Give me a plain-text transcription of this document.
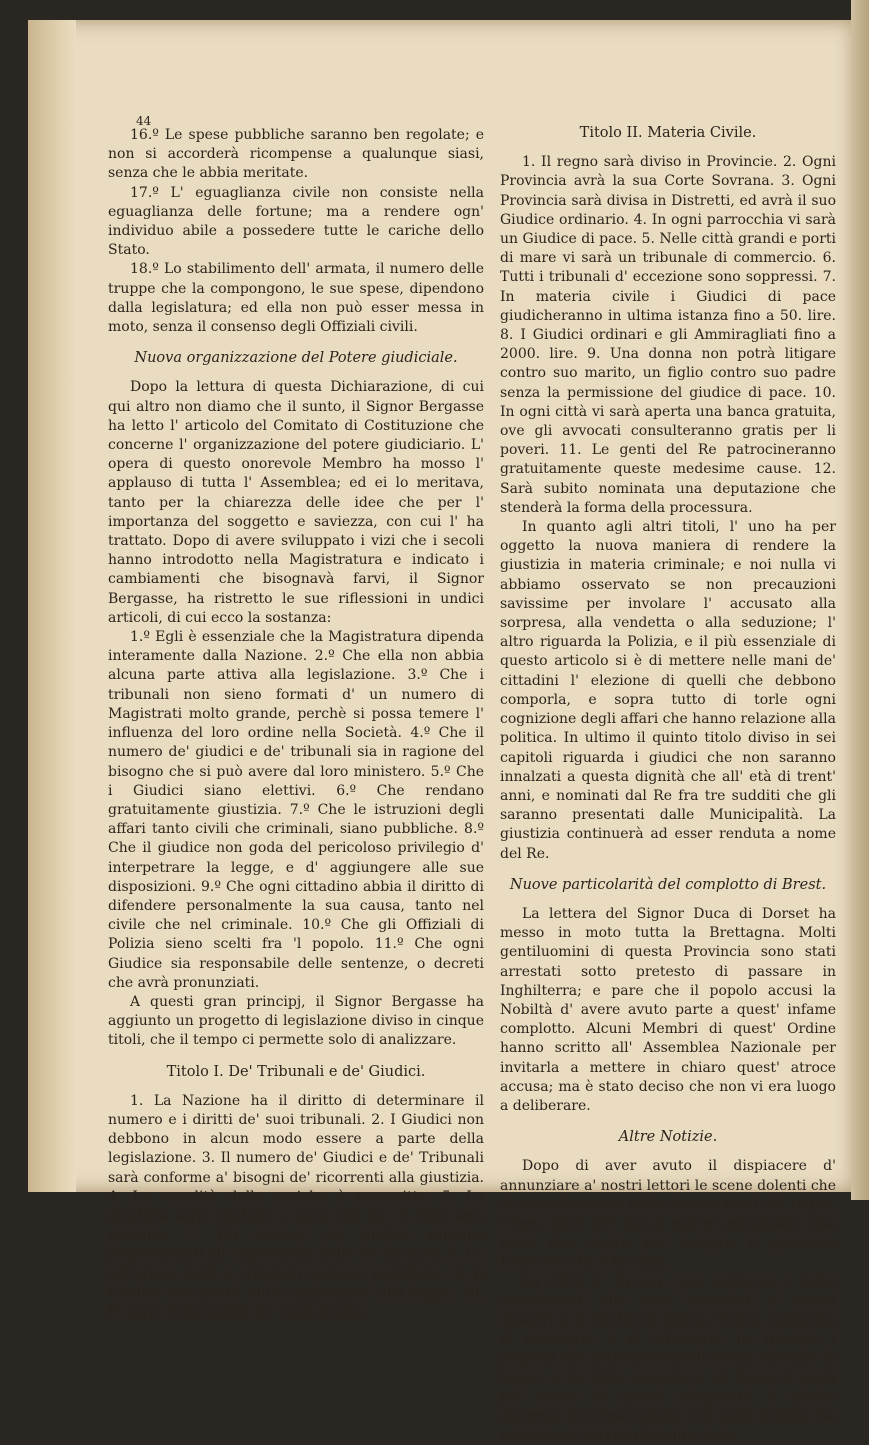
44

16.º Le spese pubbliche saranno ben regolate; e non si accorderà ricompense a qualunque siasi, senza che le abbia meritate.

17.º L' eguaglianza civile non consiste nella eguaglianza delle fortune; ma a rendere ogn' individuo abile a possedere tutte le cariche dello Stato.

18.º Lo stabilimento dell' armata, il numero delle truppe che la compongono, le sue spese, dipendono dalla legislatura; ed ella non può esser messa in moto, senza il consenso degli Offiziali civili.

Nuova organizzazione del Potere giudiciale.

Dopo la lettura di questa Dichiarazione, di cui qui altro non diamo che il sunto, il Signor Bergasse ha letto l' articolo del Comitato di Costituzione che concerne l' organizzazione del potere giudiciario. L' opera di questo onorevole Membro ha mosso l' applauso di tutta l' Assemblea; ed ei lo meritava, tanto per la chiarezza delle idee che per l' importanza del soggetto e saviezza, con cui l' ha trattato. Dopo di avere sviluppato i vizi che i secoli hanno introdotto nella Magistratura e indicato i cambiamenti che bisognavà farvi, il Signor Bergasse, ha ristretto le sue riflessioni in undici articoli, di cui ecco la sostanza:

1.º Egli è essenziale che la Magistratura dipenda interamente dalla Nazione. 2.º Che ella non abbia alcuna parte attiva alla legislazione. 3.º Che i tribunali non sieno formati d' un numero di Magistrati molto grande, perchè si possa temere l' influenza del loro ordine nella Società. 4.º Che il numero de' giudici e de' tribunali sia in ragione del bisogno che si può avere dal loro ministero. 5.º Che i Giudici siano elettivi. 6.º Che rendano gratuitamente giustizia. 7.º Che le istruzioni degli affari tanto civili che criminali, siano pubbliche. 8.º Che il giudice non goda del pericoloso privilegio d' interpetrare la legge, e d' aggiungere alle sue disposizioni. 9.º Che ogni cittadino abbia il diritto di difendere personalmente la sua causa, tanto nel civile che nel criminale. 10.º Che gli Offiziali di Polizia sieno scelti fra 'l popolo. 11.º Che ogni Giudice sia responsabile delle sentenze, o decreti che avrà pronunziati.

A questi gran principj, il Signor Bergasse ha aggiunto un progetto di legislazione diviso in cinque titoli, che il tempo ci permette solo di analizzare.

Titolo I. De' Tribunali e de' Giudici.

1. La Nazione ha il diritto di determinare il numero e i diritti de' suoi tribunali. 2. I Giudici non debbono in alcun modo essere a parte della legislazione. 3. Il numero de' Giudici e de' Tribunali sarà conforme a' bisogni de' ricorrenti alla giustizia. 4. La venalità delle cariche è proscritta. 5. La giustizia sarà renduta a nome del Re. 6. Ella sarà gratuita. 7. Gli onorarj de' giudici saranno proporzionati all' importanza delle lor funzioni. 8. Le istruzioni civili e criminali saranno pubbliche. 9. Il Giudice non potrà nulla aggiungere alla legge. 10. Ei sarà responsabile de' suoi giudizi.

Titolo II. Materia Civile.

1. Il regno sarà diviso in Provincie. 2. Ogni Provincia avrà la sua Corte Sovrana. 3. Ogni Provincia sarà divisa in Distretti, ed avrà il suo Giudice ordinario. 4. In ogni parrocchia vi sarà un Giudice di pace. 5. Nelle città grandi e porti di mare vi sarà un tribunale di commercio. 6. Tutti i tribunali d' eccezione sono soppressi. 7. In materia civile i Giudici di pace giudicheranno in ultima istanza fino a 50. lire. 8. I Giudici ordinari e gli Ammiragliati fino a 2000. lire. 9. Una donna non potrà litigare contro suo marito, un figlio contro suo padre senza la permissione del giudice di pace. 10. In ogni città vi sarà aperta una banca gratuita, ove gli avvocati consulteranno gratis per li poveri. 11. Le genti del Re patrocineranno gratuitamente queste medesime cause. 12. Sarà subito nominata una deputazione che stenderà la forma della processura.

In quanto agli altri titoli, l' uno ha per oggetto la nuova maniera di rendere la giustizia in materia criminale; e noi nulla vi abbiamo osservato se non precauzioni savissime per involare l' accusato alla sorpresa, alla vendetta o alla seduzione; l' altro riguarda la Polizia, e il più essenziale di questo articolo si è di mettere nelle mani de' cittadini l' elezione di quelli che debbono comporla, e sopra tutto di torle ogni cognizione degli affari che hanno relazione alla politica. In ultimo il quinto titolo diviso in sei capitoli riguarda i giudici che non saranno innalzati a questa dignità che all' età di trent' anni, e nominati dal Re fra tre sudditi che gli saranno presentati dalle Municipalità. La giustizia continuerà ad esser renduta a nome del Re.

Nuove particolarità del complotto di Brest.

La lettera del Signor Duca di Dorset ha messo in moto tutta la Brettagna. Molti gentiluomini di questa Provincia sono stati arrestati sotto pretesto di passare in Inghilterra; e pare che il popolo accusi la Nobiltà d' avere avuto parte a quest' infame complotto. Alcuni Membri di quest' Ordine hanno scritto all' Assemblea Nazionale per invitarla a mettere in chiaro quest' atroce accusa; ma è stato deciso che non vi era luogo a deliberare.

Altre Notizie.

Dopo di aver avuto il dispiacere d' annunziare a' nostri lettori le scene dolenti che si sono rinnovate nelle diverse parti del regno, è ben dolce per noi di potere annunziare una festa che onora per sempre il generoso Francese che l' ha data.

La Città d' Evreux, per celebrare i felici avvenimenti che sono succeduti a' nostri disastri si è ridotta in milizia Civica, composta di cavalleria, e d' infanteria, ha liberato i prigioni che potevano esserlo senza offender la legge, e ha fatto accendere un fuoco di gioja per mano di questi sciagurati; il giorno appresso la stessa milizia con segni di lutto, ha assistito al Servizio Solenne cele-
